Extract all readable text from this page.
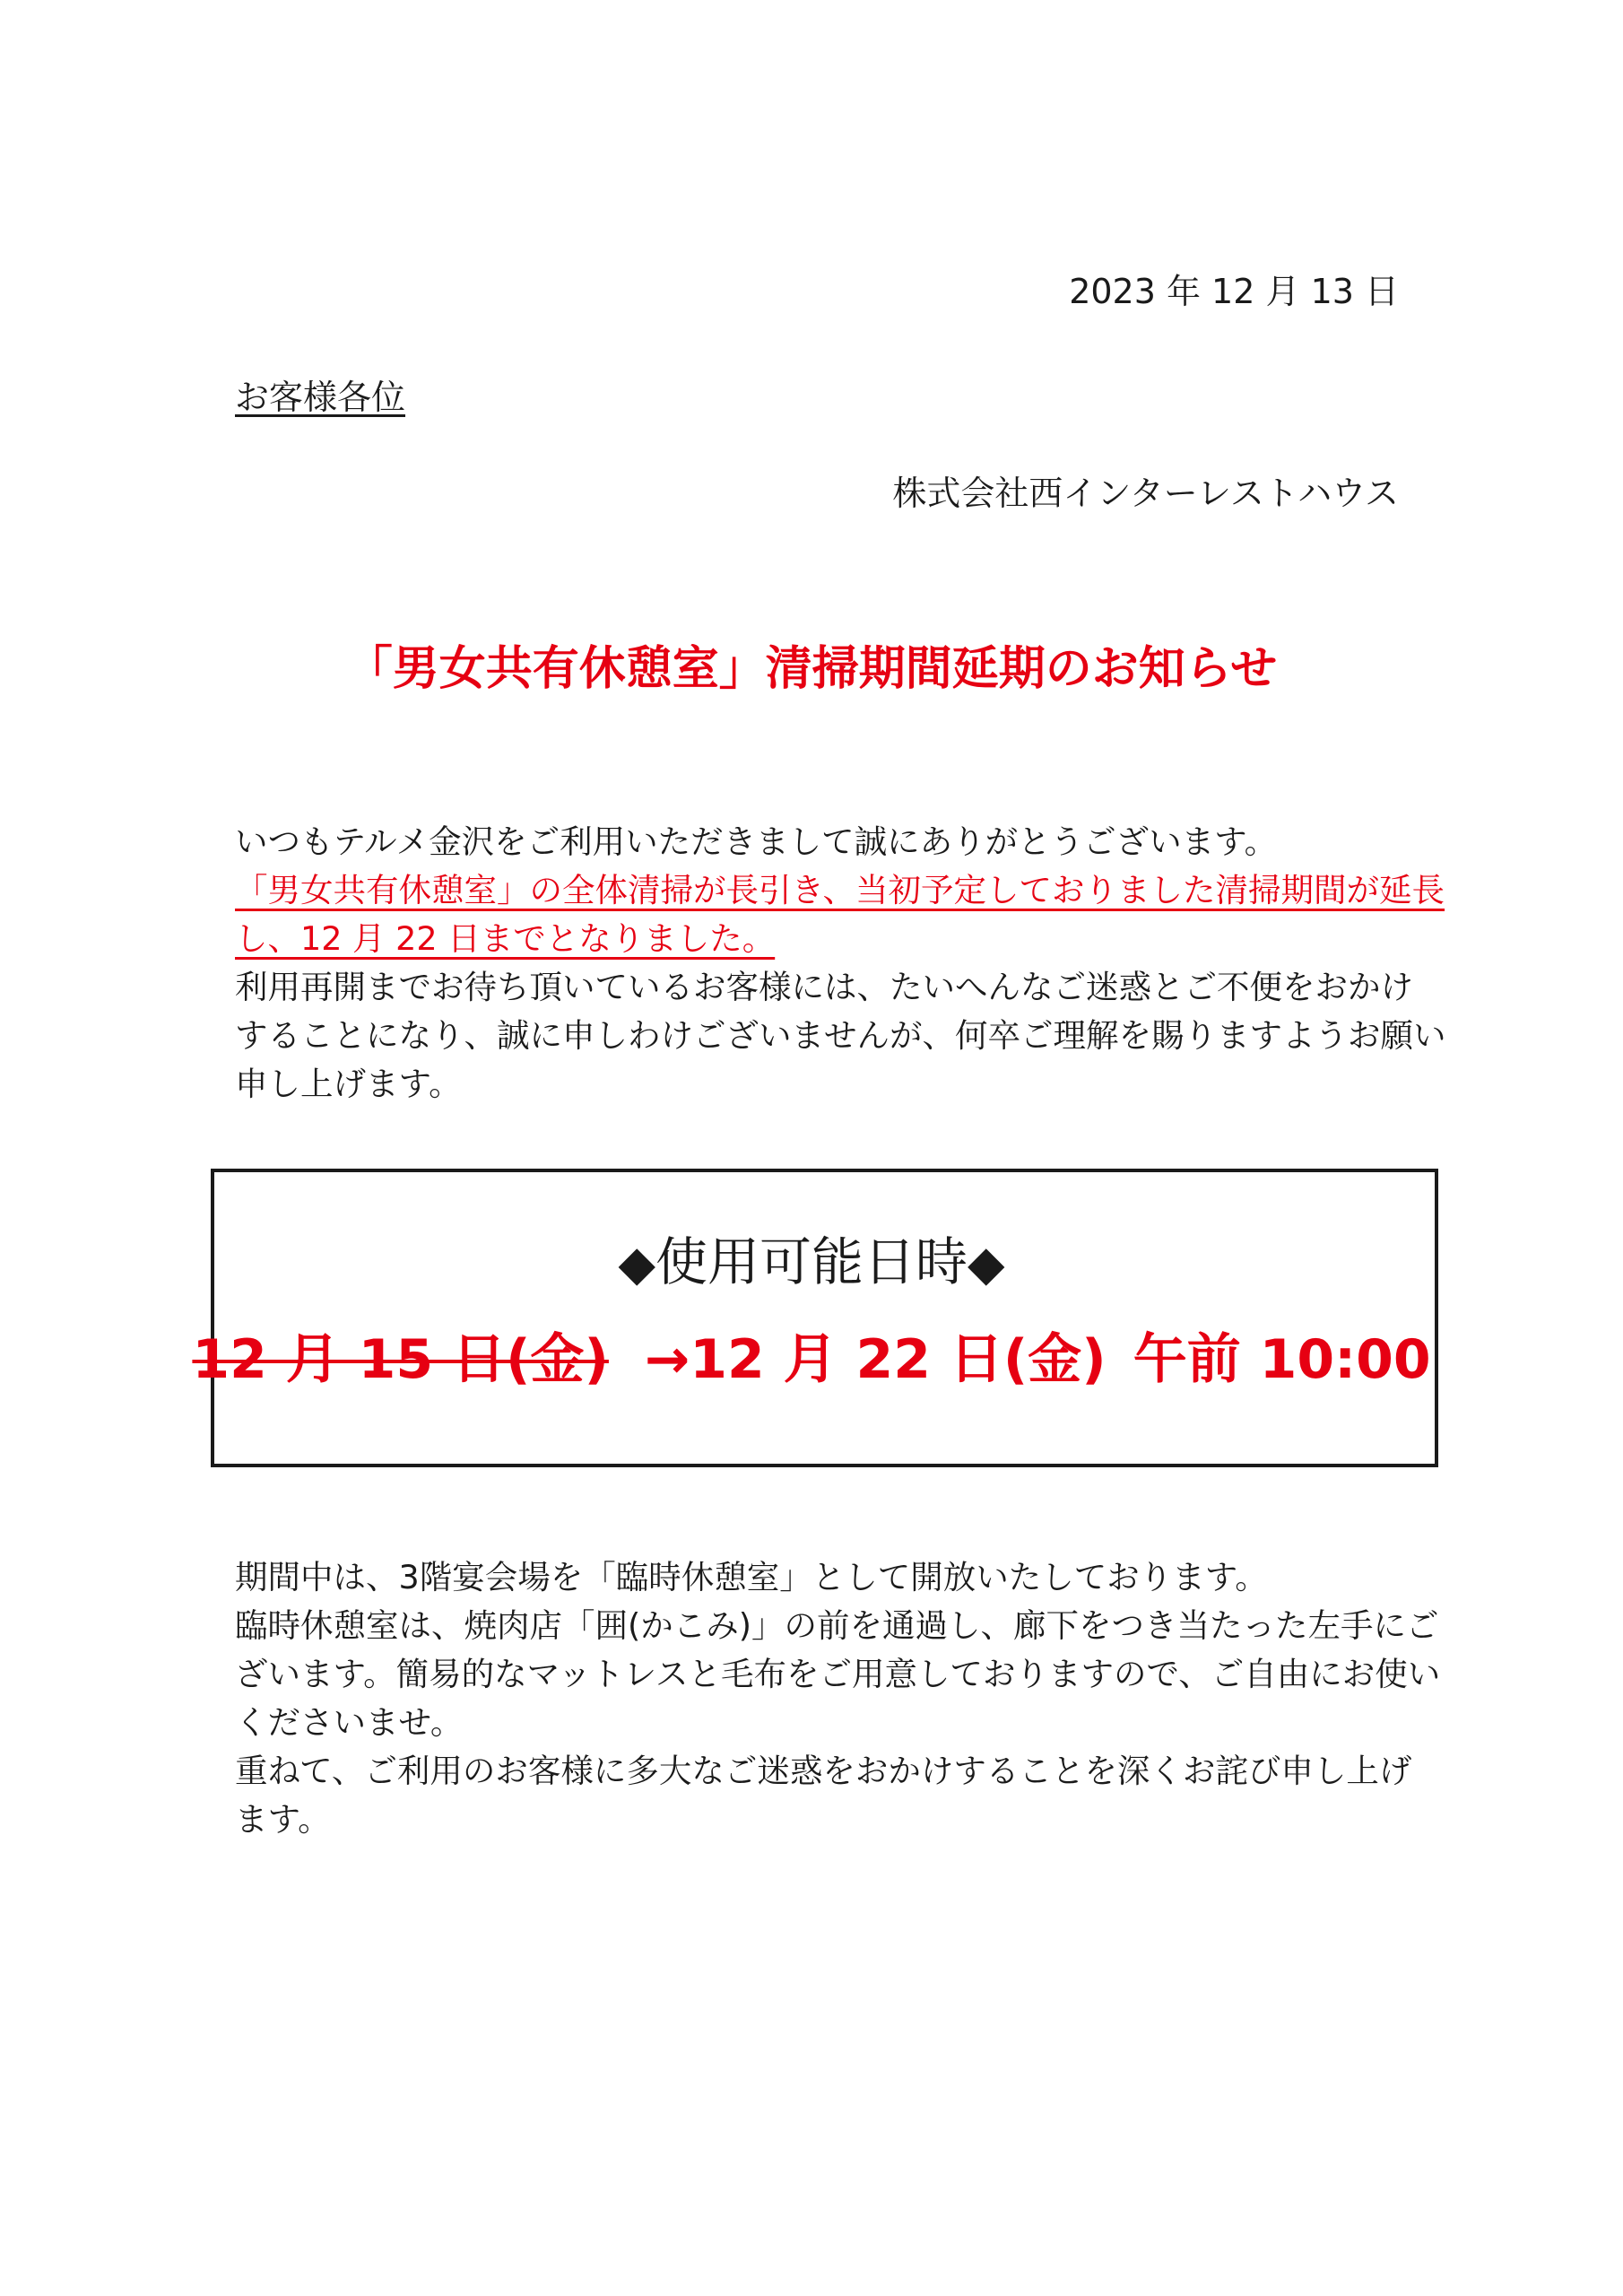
2023 年 12 月 13 日
お客様各位
株式会社西インターレストハウス
「男女共有休憩室」清掃期間延期のお知らせ

いつもテルメ金沢をご利用いただきまして誠にありがとうございます。

「男女共有休憩室」の全体清掃が長引き、当初予定しておりました清掃期間が延長

し、12 月 22 日までとなりました。

利用再開までお待ち頂いているお客様には、たいへんなご迷惑とご不便をおかけ

することになり、誠に申しわけございませんが、何卒ご理解を賜りますようお願い

申し上げます。

◆使用可能日時◆
12 月 15 日(金) →12 月 22 日(金) 午前 10:00

期間中は、3階宴会場を「臨時休憩室」として開放いたしております。

臨時休憩室は、焼肉店「囲(かこみ)」の前を通過し、廊下をつき当たった左手にご

ざいます。簡易的なマットレスと毛布をご用意しておりますので、ご自由にお使い

くださいませ。

重ねて、ご利用のお客様に多大なご迷惑をおかけすることを深くお詫び申し上げ

ます。
